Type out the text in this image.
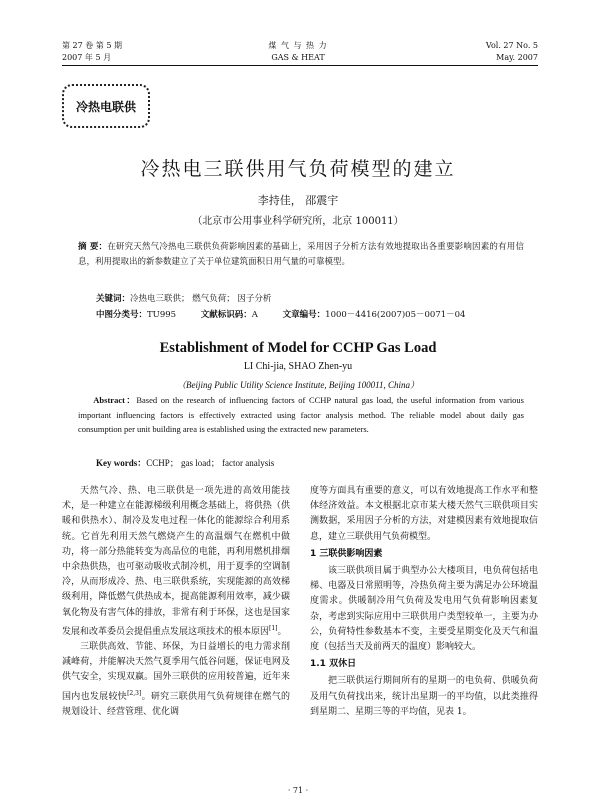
第 27 卷 第 5 期
2007 年 5 月
煤 气 与 热 力
GAS & HEAT
Vol. 27 No. 5
May. 2007
冷热电联供
冷热电三联供用气负荷模型的建立
李持佳， 邵震宇
（北京市公用事业科学研究所，北京 100011）
摘 要：在研究天然气冷热电三联供负荷影响因素的基础上，采用因子分析方法有效地提取出各重要影响因素的有用信息，利用提取出的新参数建立了关于单位建筑面积日用气量的可靠模型。
关键词：冷热电三联供； 燃气负荷； 因子分析
中图分类号：TU995	文献标识码：A	文章编号：1000－4416(2007)05－0071－04
Establishment of Model for CCHP Gas Load
LI Chi-jia, SHAO Zhen-yu
（Beijing Public Utility Science Institute, Beijing 100011, China）

Abstract：Based on the research of influencing factors of CCHP natural gas load, the useful information from various important influencing factors is effectively extracted using factor analysis method. The reliable model about daily gas consumption per unit building area is established using the extracted new parameters.

Key words：CCHP； gas load； factor analysis

天然气冷、热、电三联供是一项先进的高效用能技术，是一种建立在能源梯级利用概念基础上，将供热（供暖和供热水）、制冷及发电过程一体化的能源综合利用系统。它首先利用天然气燃烧产生的高温烟气在燃机中做功，将一部分热能转变为高品位的电能，再利用燃机排烟中余热供热，也可驱动吸收式制冷机，用于夏季的空调制冷，从而形成冷、热、电三联供系统，实现能源的高效梯级利用，降低燃气供热成本，提高能源利用效率，减少碳氧化物及有害气体的排放，非常有利于环保，这也是国家发展和改革委员会提倡重点发展这项技术的根本原因[1]。

三联供高效、节能、环保，为日益增长的电力需求削减峰荷，并能解决天然气夏季用气低谷问题，保证电网及供气安全，实现双赢。国外三联供的应用较普遍，近年来国内也发展较快[2,3]。研究三联供用气负荷规律在燃气的规划设计、经营管理、优化调

度等方面具有重要的意义，可以有效地提高工作水平和整体经济效益。本文根据北京市某大楼天然气三联供项目实测数据，采用因子分析的方法，对建模因素有效地提取信息，建立三联供用气负荷模型。

1 三联供影响因素

该三联供项目属于典型办公大楼项目，电负荷包括电梯、电器及日常照明等，冷热负荷主要为满足办公环境温度需求。供暖制冷用气负荷及发电用气负荷影响因素复杂，考虑到实际应用中三联供用户类型较单一，主要为办公，负荷特性参数基本不变，主要受星期变化及天气和温度（包括当天及前两天的温度）影响较大。

1.1 双休日

把三联供运行期间所有的星期一的电负荷、供暖负荷及用气负荷找出来，统计出星期一的平均值，以此类推得到星期二、星期三等的平均值，见表 1。

· 71 ·
